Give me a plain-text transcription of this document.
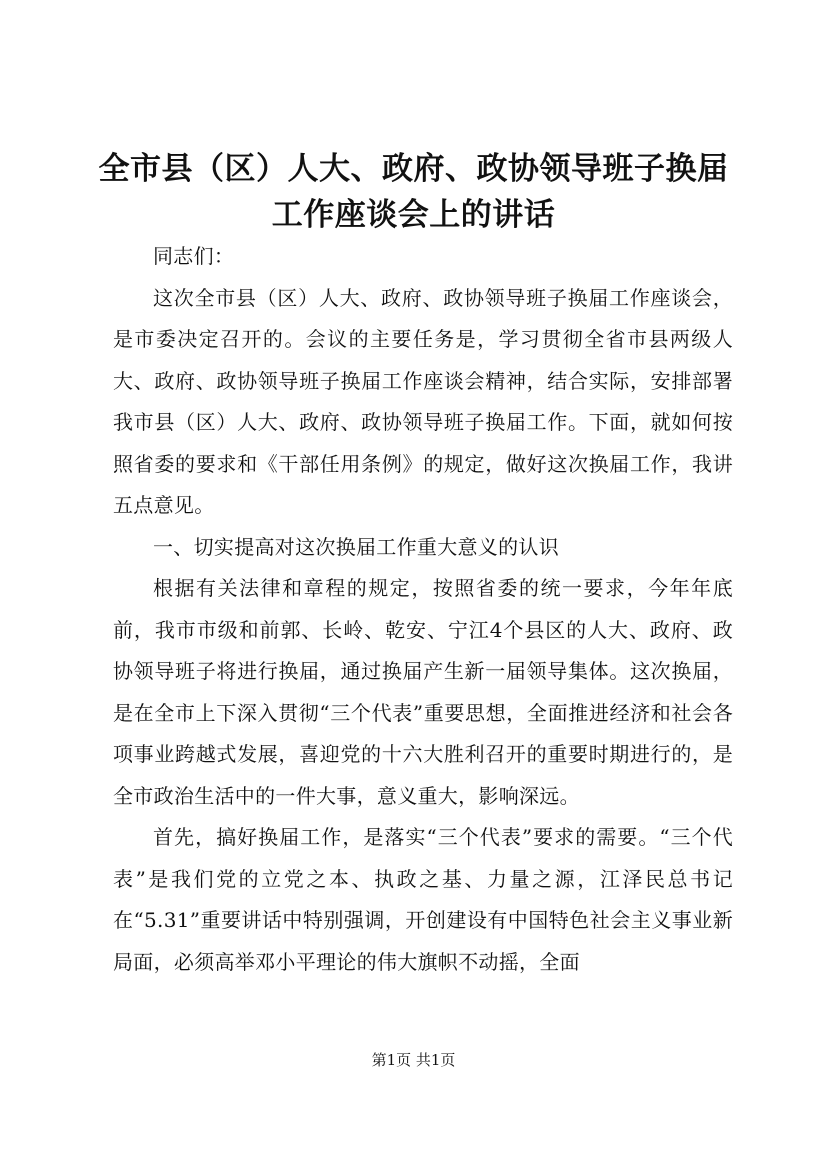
全市县（区）人大、政府、政协领导班子换届
工作座谈会上的讲话

同志们：

这次全市县（区）人大、政府、政协领导班子换届工作座谈会，是市委决定召开的。会议的主要任务是，学习贯彻全省市县两级人大、政府、政协领导班子换届工作座谈会精神，结合实际，安排部署我市县（区）人大、政府、政协领导班子换届工作。下面，就如何按照省委的要求和《干部任用条例》的规定，做好这次换届工作，我讲五点意见。

一、切实提高对这次换届工作重大意义的认识

根据有关法律和章程的规定，按照省委的统一要求，今年年底前，我市市级和前郭、长岭、乾安、宁江4个县区的人大、政府、政协领导班子将进行换届，通过换届产生新一届领导集体。这次换届，是在全市上下深入贯彻“三个代表”重要思想，全面推进经济和社会各项事业跨越式发展，喜迎党的十六大胜利召开的重要时期进行的，是全市政治生活中的一件大事，意义重大，影响深远。

首先，搞好换届工作，是落实“三个代表”要求的需要。“三个代表”是我们党的立党之本、执政之基、力量之源，江泽民总书记在“5.31”重要讲话中特别强调，开创建设有中国特色社会主义事业新局面，必须高举邓小平理论的伟大旗帜不动摇，全面

第1页 共1页
